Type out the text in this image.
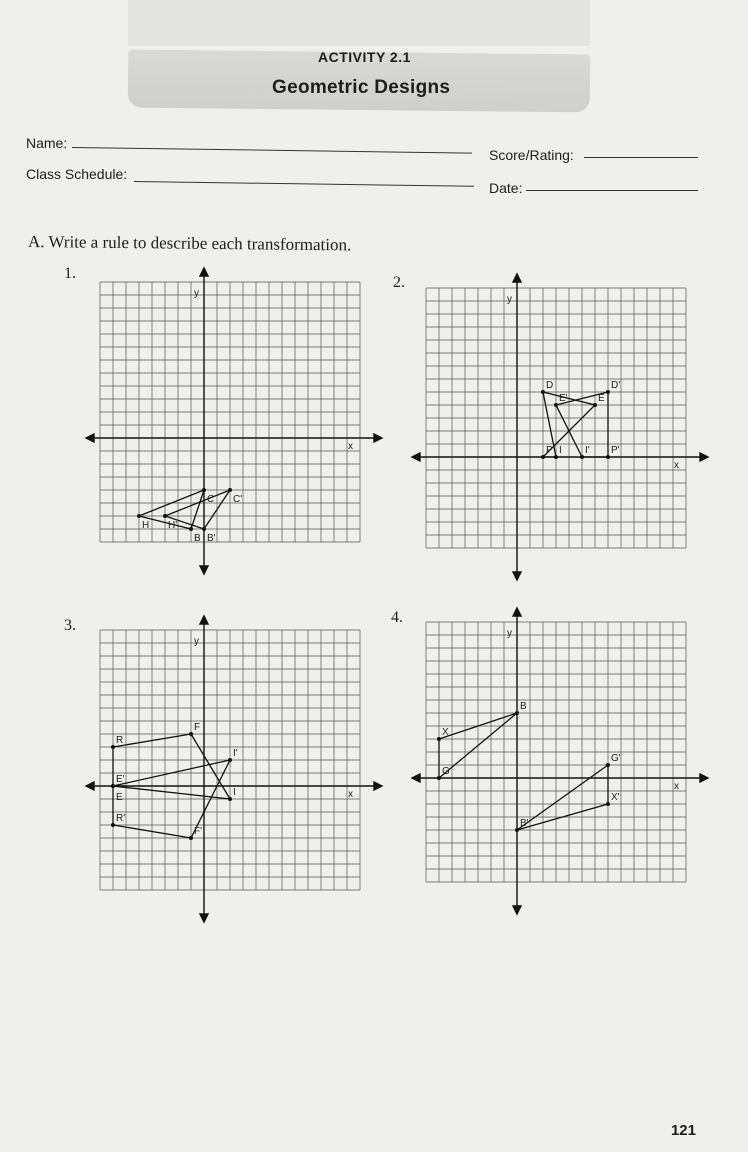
ACTIVITY 2.1
Geometric Designs
Name:
Class Schedule:
Score/Rating:
Date:
A. Write a rule to describe each transformation.
1.
2.
3.	4.
y
x
C C'
B B'
H H'
y
x
D	D'
E'	E
P I I' P'
y
x
F
R
I'
E'
E	I
R'
F'
y
x
B
X
G
G'
X'
B'
121
